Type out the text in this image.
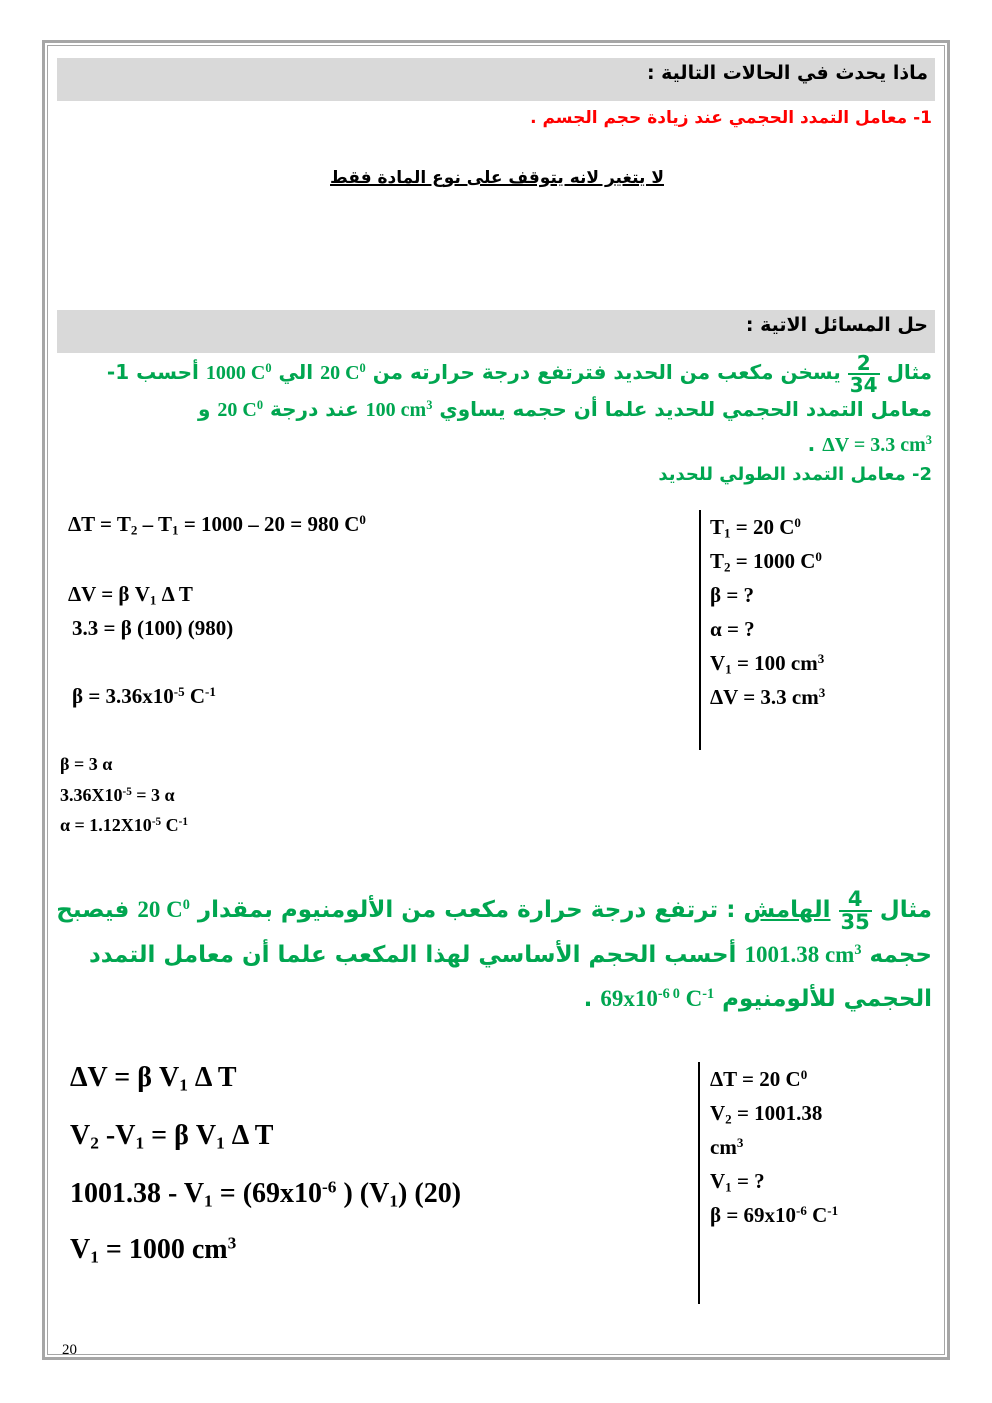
ماذا يحدث في الحالات التالية :
1- معامل التمدد الحجمي عند زيادة حجم الجسم .
لا يتغير لانه يتوقف على نوع المادة فقط
حل المسائل الاتية :
مثال
$\frac{2}{34}$
يسخن مكعب من الحديد فترتفع درجة حرارته من 20 $C^0$ الي 1000 $C^0$ أحسب 1-
معامل التمدد الحجمي للحديد علما أن حجمه يساوي 100 $cm^3$ عند درجة 20 $C^0$ و
ΔV = 3.3 $cm^3$ .
2- معامل التمدد الطولي للحديد
$\Delta T = T_2 - T_1 = 1000 - 20 = 980$ $C^0$
ΔV = β $V_1$ Δ T
3.3 = β (100) (980)
$\beta = 3.36x10^{-5}$ $C^{-1}$
β = 3 α
$3.36X10^{-5} = 3$ α
$\alpha = 1.12X10^{-5}$ $C^{-1}$
$T_1 = 20$ $C^0$
$T_2 = 1000$ $C^0$
β = ?
α = ?
$V_1 = 100$ $cm^3$
ΔV = 3.3 $cm^3$
مثال
$\frac{4}{35}$
الهامش : ترتفع درجة حرارة مكعب من الألومنيوم بمقدار 20 $C^0$ فيصبح
حجمه 1001.38 $cm^3$ أحسب الحجم الأساسي لهذا المكعب علما أن معامل التمدد
الحجمي للألومنيوم $69x10^{-6}$ $^0$ $C^{-1}$ .
ΔV = β $V_1$ Δ T
$V_2$ $-V_1 = \beta$ $V_1$ Δ T
$1001.38 - V_1 = (69x10^{-6}$ ) $(V_1)$ (20)
$V_1 = 1000$ $cm^3$
ΔT = 20 $C^0$
$V_2 = 1001.38$
$cm^3$
$V_1$ = ?
$\beta = 69x10^{-6}$ $C^{-1}$
20
